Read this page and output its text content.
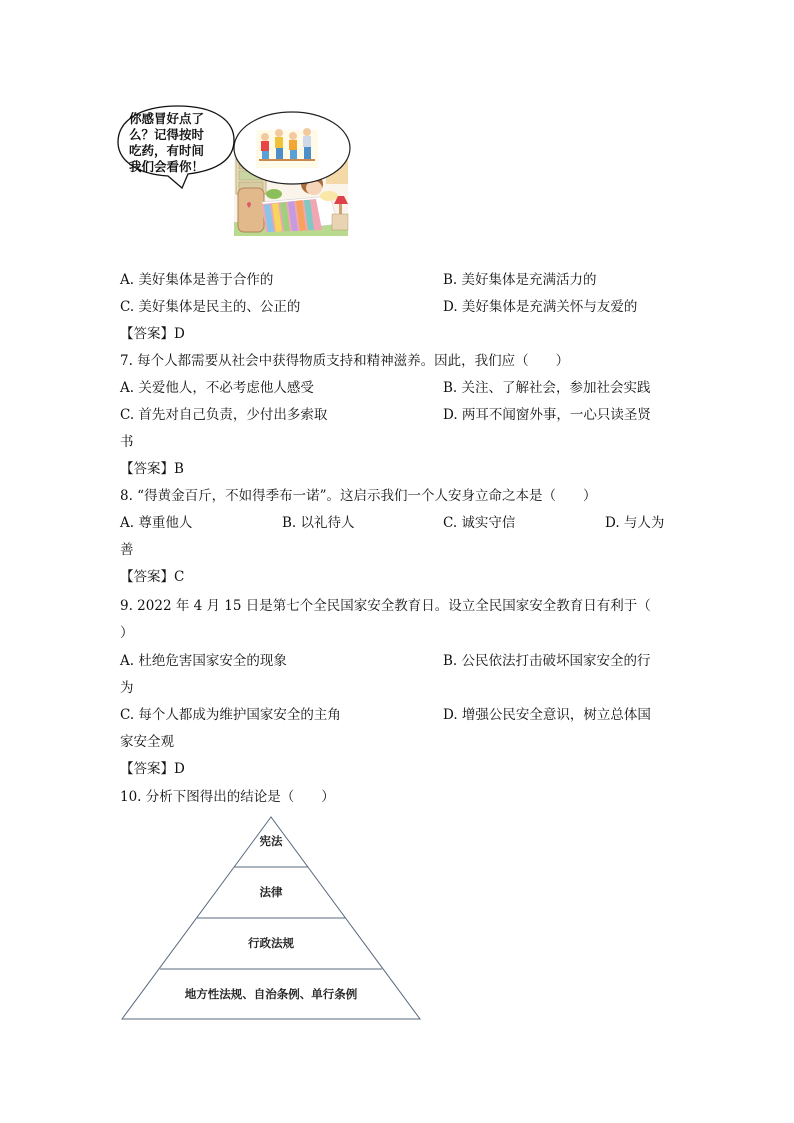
你感冒好点了
么？记得按时
吃药，有时间
我们会看你！
A. 美好集体是善于合作的	B. 美好集体是充满活力的
C. 美好集体是民主的、公正的	D. 美好集体是充满关怀与友爱的
【答案】D
7. 每个人都需要从社会中获得物质支持和精神滋养。因此，我们应（　　）
A. 关爱他人，不必考虑他人感受	B. 关注、了解社会，参加社会实践
C. 首先对自己负责，少付出多索取	D. 两耳不闻窗外事，一心只读圣贤
书
【答案】B
8. “得黄金百斤，不如得季布一诺”。这启示我们一个人安身立命之本是（　　）
A. 尊重他人	B. 以礼待人	C. 诚实守信	D. 与人为
善
【答案】C
9. 2022 年 4 月 15 日是第七个全民国家安全教育日。设立全民国家安全教育日有利于（
）
A. 杜绝危害国家安全的现象	B. 公民依法打击破坏国家安全的行
为
C. 每个人都成为维护国家安全的主角	D. 增强公民安全意识，树立总体国
家安全观
【答案】D
10. 分析下图得出的结论是（　　）
宪法
法律
行政法规
地方性法规、自治条例、单行条例
